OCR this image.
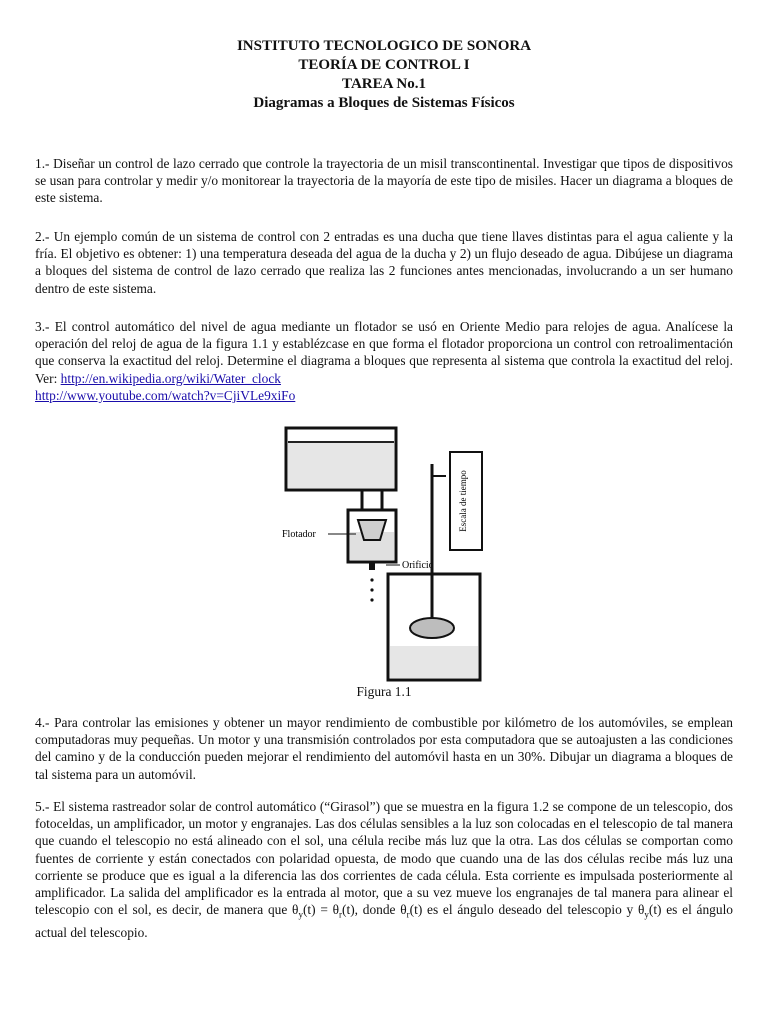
INSTITUTO TECNOLOGICO DE SONORA
TEORÍA DE CONTROL I
TAREA No.1
Diagramas a Bloques de Sistemas Físicos

1.- Diseñar un control de lazo cerrado que controle la trayectoria de un misil transcontinental. Investigar que tipos de dispositivos se usan para controlar y medir y/o monitorear la trayectoria de la mayoría de este tipo de misiles. Hacer un diagrama a bloques de este sistema.

2.- Un ejemplo común de un sistema de control con 2 entradas es una ducha que tiene llaves distintas para el agua caliente y la fría. El objetivo es obtener: 1) una temperatura deseada del agua de la ducha y 2) un flujo deseado de agua. Dibújese un diagrama a bloques del sistema de control de lazo cerrado que realiza las 2 funciones antes mencionadas, involucrando a un ser humano dentro de este sistema.

3.- El control automático del nivel de agua mediante un flotador se usó en Oriente Medio para relojes de agua. Analícese la operación del reloj de agua de la figura 1.1 y establézcase en que forma el flotador proporciona un control con retroalimentación que conserva la exactitud del reloj. Determine el diagrama a bloques que representa al sistema que controla la exactitud del reloj. Ver: http://en.wikipedia.org/wiki/Water_clock
http://www.youtube.com/watch?v=CjiVLe9xiFo

Flotador
Orificio
Escala de tiempo
Figura 1.1

4.- Para controlar las emisiones y obtener un mayor rendimiento de combustible por kilómetro de los automóviles, se emplean computadoras muy pequeñas. Un motor y una transmisión controlados por esta computadora que se autoajusten a las condiciones del camino y de la conducción pueden mejorar el rendimiento del automóvil hasta en un 30%. Dibujar un diagrama a bloques de tal sistema para un automóvil.

5.- El sistema rastreador solar de control automático (“Girasol”) que se muestra en la figura 1.2 se compone de un telescopio, dos fotoceldas, un amplificador, un motor y engranajes. Las dos células sensibles a la luz son colocadas en el telescopio de tal manera que cuando el telescopio no está alineado con el sol, una célula recibe más luz que la otra. Las dos células se comportan como fuentes de corriente y están conectados con polaridad opuesta, de modo que cuando una de las dos células recibe más luz una corriente se produce que es igual a la diferencia las dos corrientes de cada célula. Esta corriente es impulsada posteriormente al amplificador. La salida del amplificador es la entrada al motor, que a su vez mueve los engranajes de tal manera para alinear el telescopio con el sol, es decir, de manera que $\theta_y(t) = \theta_r(t)$, donde $\theta_r(t)$ es el ángulo deseado del telescopio y $\theta_y(t)$ es el ángulo actual del telescopio.
